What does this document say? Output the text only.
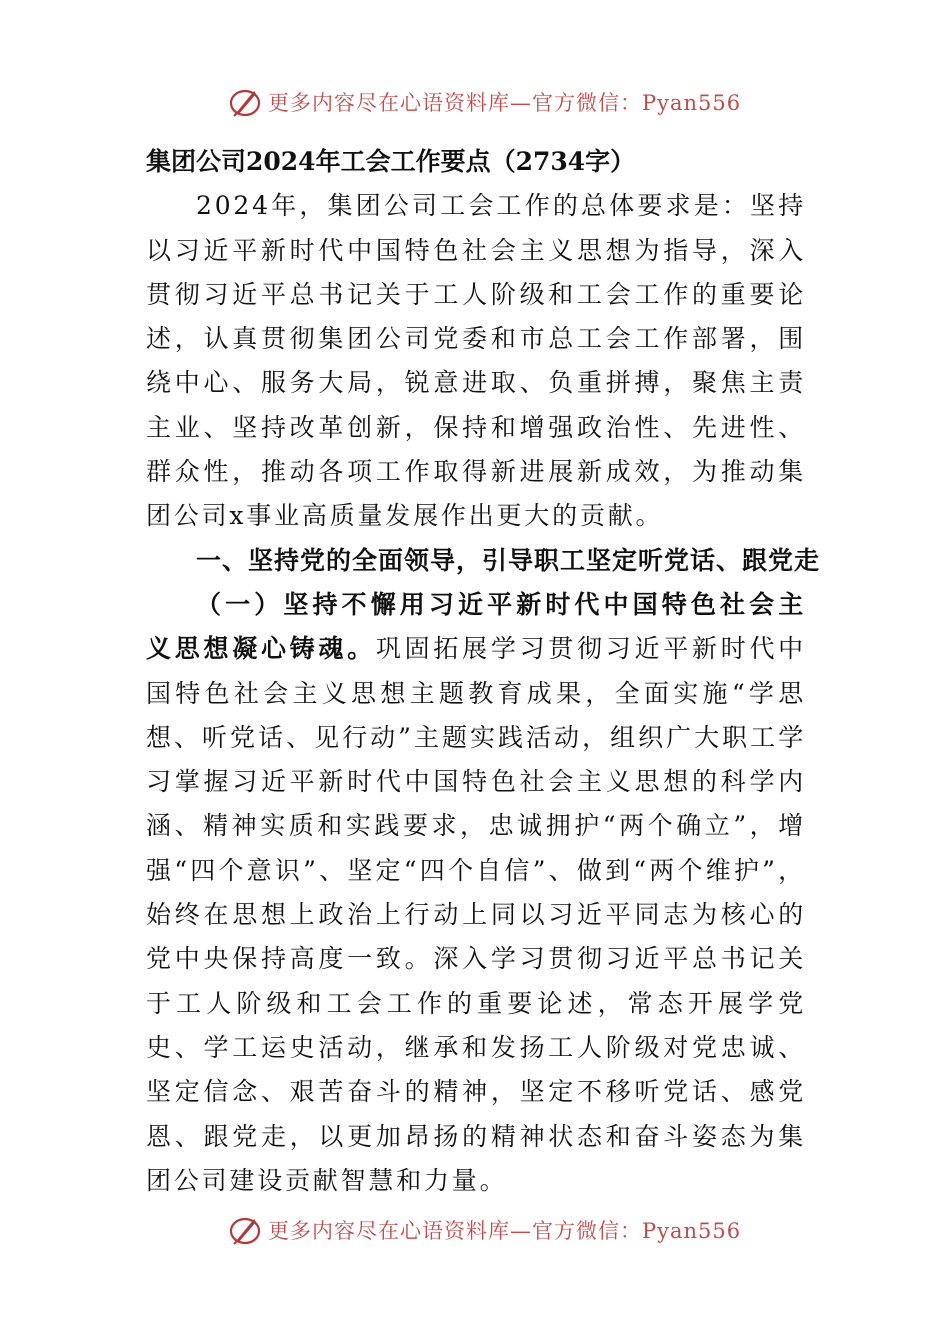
更多内容尽在心语资料库—官方微信：Pyan556

集团公司2024年工会工作要点（2734字）

2024年，集团公司工会工作的总体要求是：坚持以习近平新时代中国特色社会主义思想为指导，深入贯彻习近平总书记关于工人阶级和工会工作的重要论述，认真贯彻集团公司党委和市总工会工作部署，围绕中心、服务大局，锐意进取、负重拼搏，聚焦主责主业、坚持改革创新，保持和增强政治性、先进性、群众性，推动各项工作取得新进展新成效，为推动集团公司x事业高质量发展作出更大的贡献。

一、坚持党的全面领导，引导职工坚定听党话、跟党走

（一）坚持不懈用习近平新时代中国特色社会主义思想凝心铸魂。巩固拓展学习贯彻习近平新时代中国特色社会主义思想主题教育成果，全面实施“学思想、听党话、见行动”主题实践活动，组织广大职工学习掌握习近平新时代中国特色社会主义思想的科学内涵、精神实质和实践要求，忠诚拥护“两个确立”，增强“四个意识”、坚定“四个自信”、做到“两个维护”，始终在思想上政治上行动上同以习近平同志为核心的党中央保持高度一致。深入学习贯彻习近平总书记关于工人阶级和工会工作的重要论述，常态开展学党史、学工运史活动，继承和发扬工人阶级对党忠诚、坚定信念、艰苦奋斗的精神，坚定不移听党话、感党恩、跟党走，以更加昂扬的精神状态和奋斗姿态为集团公司建设贡献智慧和力量。

更多内容尽在心语资料库—官方微信：Pyan556
